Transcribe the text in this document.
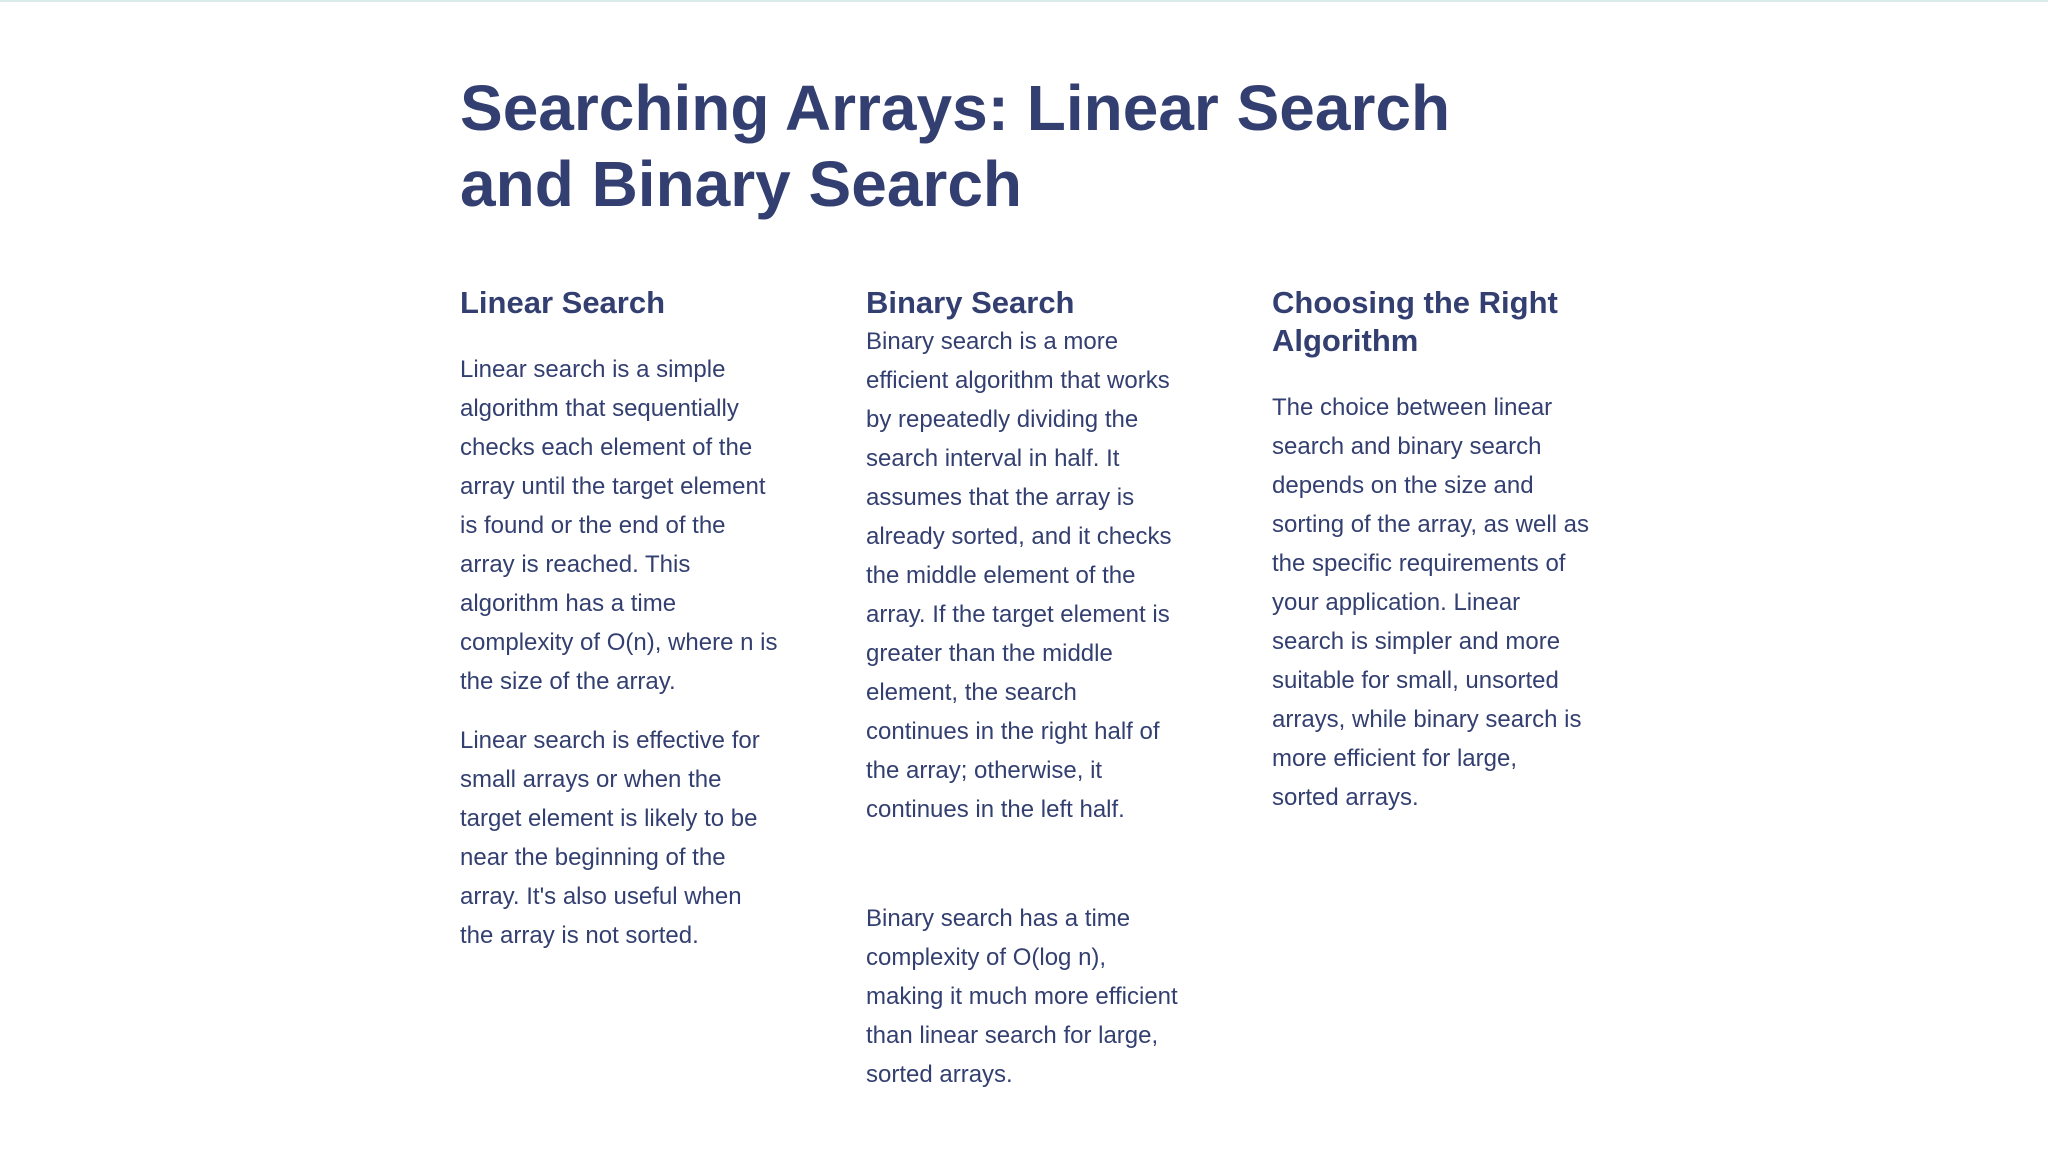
Searching Arrays: Linear Search and Binary Search
Linear Search

Linear search is a simple algorithm that sequentially checks each element of the array until the target element is found or the end of the array is reached. This algorithm has a time complexity of O(n), where n is the size of the array.

Linear search is effective for small arrays or when the target element is likely to be near the beginning of the array. It's also useful when the array is not sorted.

Binary Search

Binary search is a more efficient algorithm that works by repeatedly dividing the search interval in half. It assumes that the array is already sorted, and it checks the middle element of the array. If the target element is greater than the middle element, the search continues in the right half of the array; otherwise, it continues in the left half.

Binary search has a time complexity of O(log n), making it much more efficient than linear search for large, sorted arrays.

Choosing the Right Algorithm

The choice between linear search and binary search depends on the size and sorting of the array, as well as the specific requirements of your application. Linear search is simpler and more suitable for small, unsorted arrays, while binary search is more efficient for large, sorted arrays.
